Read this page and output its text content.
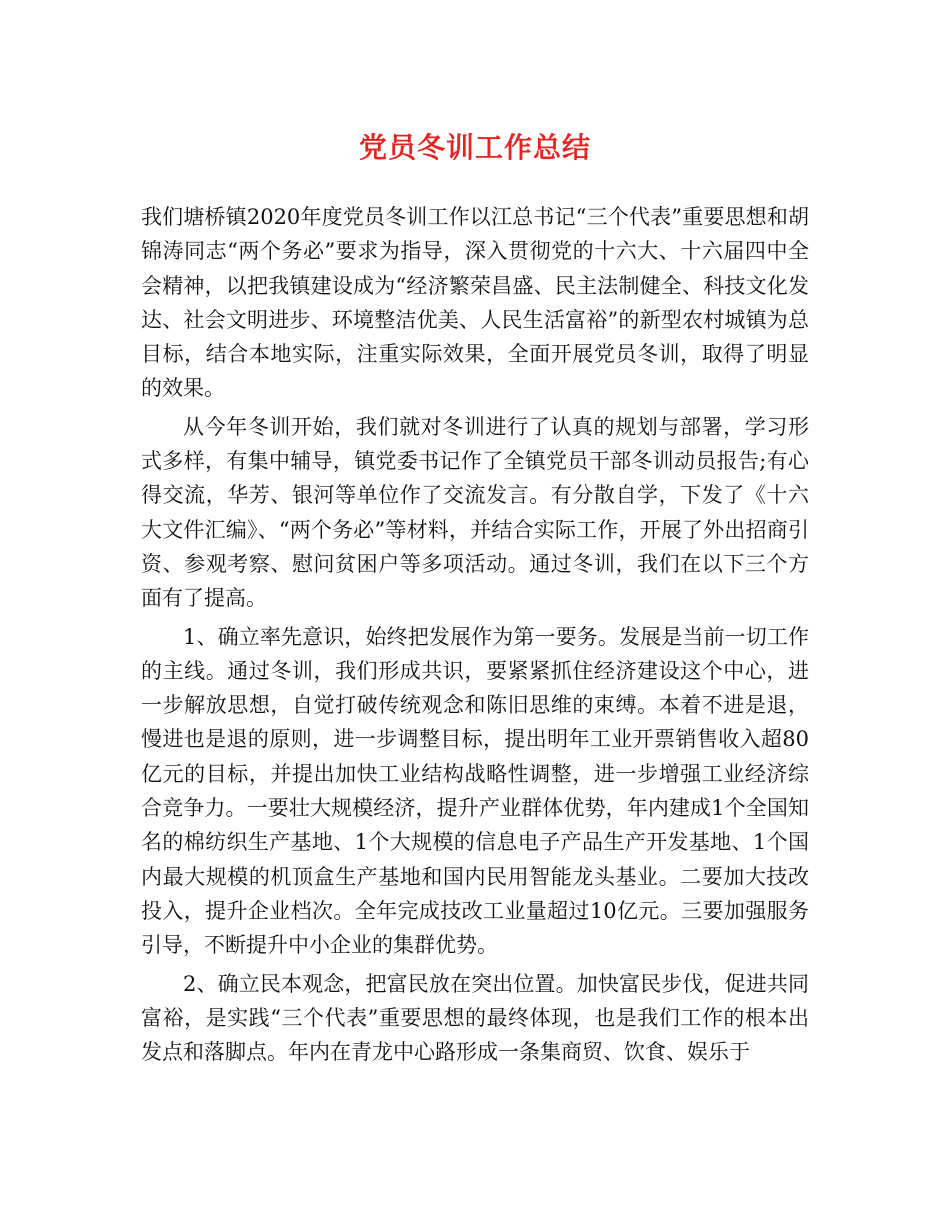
党员冬训工作总结

我们塘桥镇2020年度党员冬训工作以江总书记“三个代表”重要思想和胡锦涛同志“两个务必”要求为指导，深入贯彻党的十六大、十六届四中全会精神，以把我镇建设成为“经济繁荣昌盛、民主法制健全、科技文化发达、社会文明进步、环境整洁优美、人民生活富裕”的新型农村城镇为总目标，结合本地实际，注重实际效果，全面开展党员冬训，取得了明显的效果。

从今年冬训开始，我们就对冬训进行了认真的规划与部署，学习形式多样，有集中辅导，镇党委书记作了全镇党员干部冬训动员报告;有心得交流，华芳、银河等单位作了交流发言。有分散自学，下发了《十六大文件汇编》、“两个务必”等材料，并结合实际工作，开展了外出招商引资、参观考察、慰问贫困户等多项活动。通过冬训，我们在以下三个方面有了提高。

1、确立率先意识，始终把发展作为第一要务。发展是当前一切工作的主线。通过冬训，我们形成共识，要紧紧抓住经济建设这个中心，进一步解放思想，自觉打破传统观念和陈旧思维的束缚。本着不进是退，慢进也是退的原则，进一步调整目标，提出明年工业开票销售收入超80亿元的目标，并提出加快工业结构战略性调整，进一步增强工业经济综合竞争力。一要壮大规模经济，提升产业群体优势，年内建成1个全国知名的棉纺织生产基地、1个大规模的信息电子产品生产开发基地、1个国内最大规模的机顶盒生产基地和国内民用智能龙头基业。二要加大技改投入，提升企业档次。全年完成技改工业量超过10亿元。三要加强服务引导，不断提升中小企业的集群优势。

2、确立民本观念，把富民放在突出位置。加快富民步伐，促进共同富裕，是实践“三个代表”重要思想的最终体现，也是我们工作的根本出发点和落脚点。年内在青龙中心路形成一条集商贸、饮食、娱乐于
